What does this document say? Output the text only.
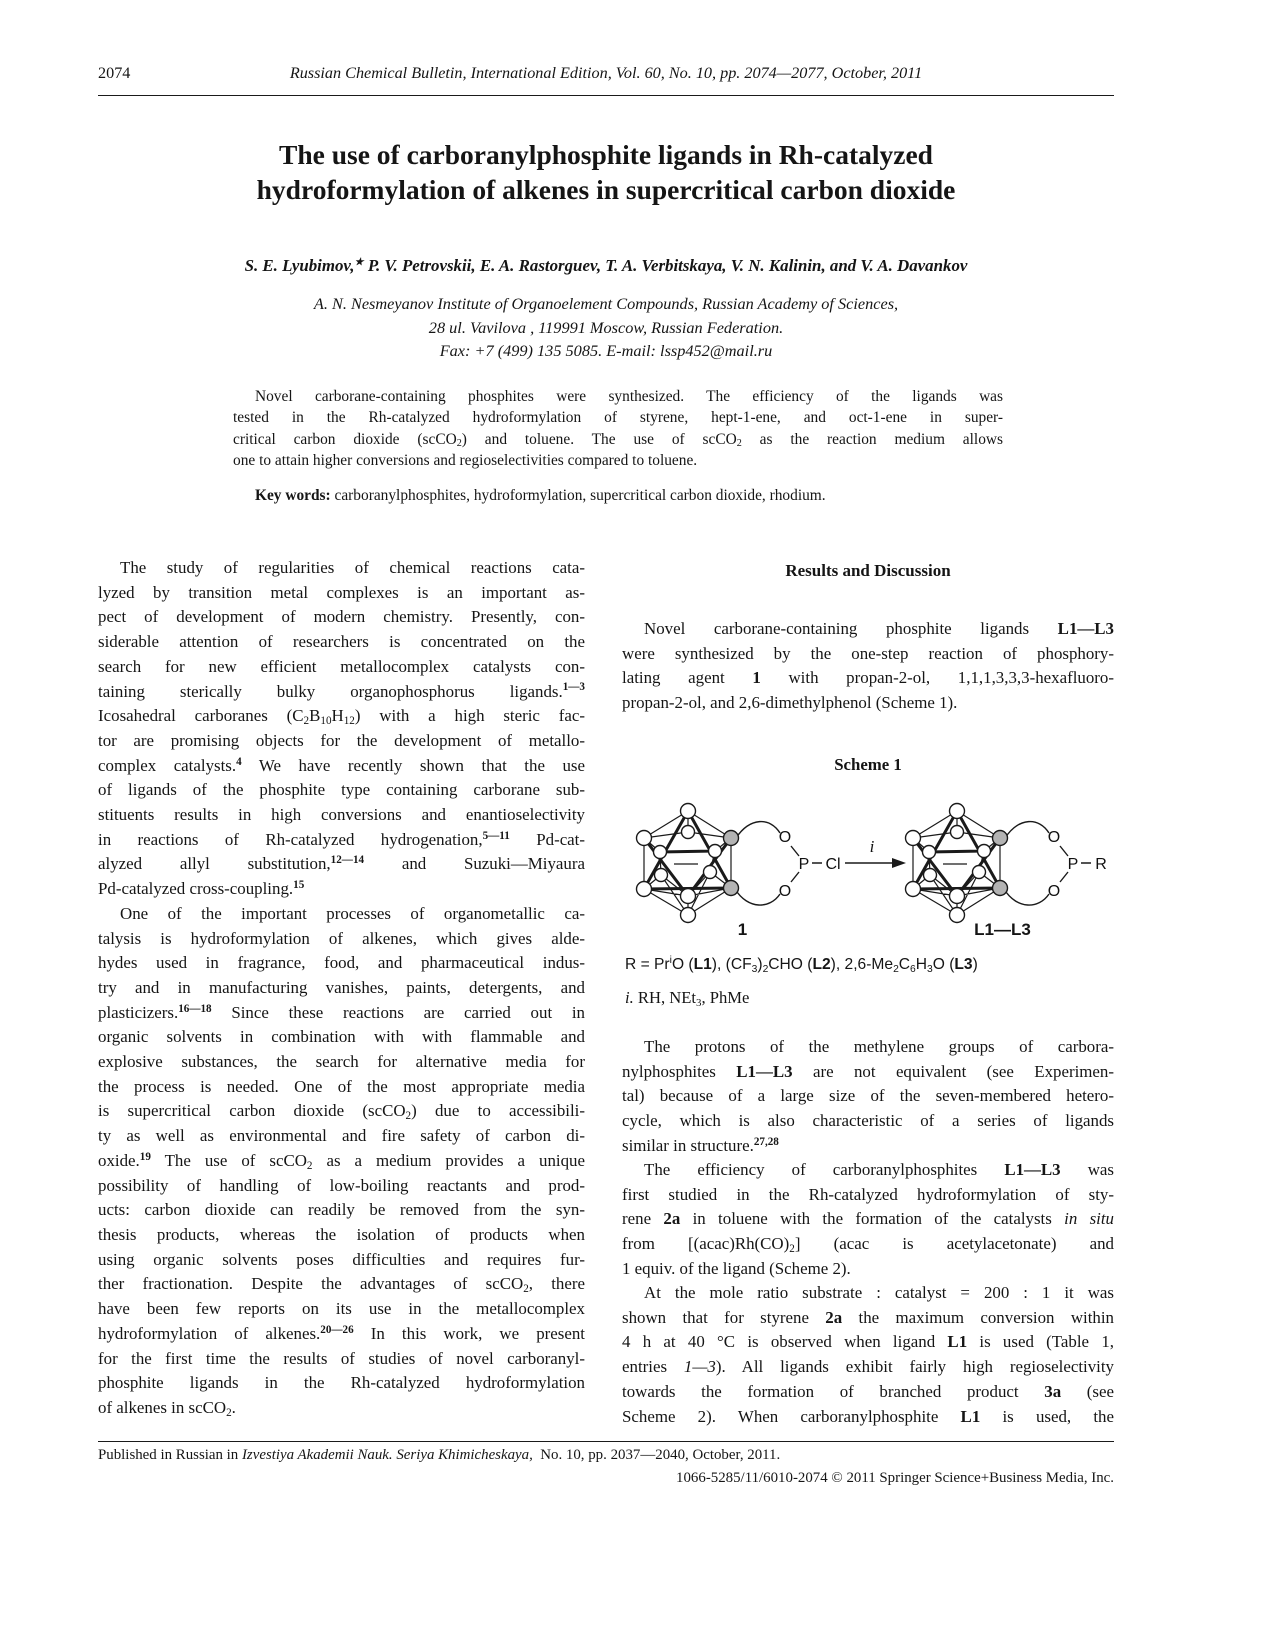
2074	Russian Chemical Bulletin, International Edition, Vol. 60, No. 10, pp. 2074—2077, October, 2011
The use of carboranylphosphite ligands in Rh-catalyzed
hydroformylation of alkenes in supercritical carbon dioxide
S. E. Lyubimov,★ P. V. Petrovskii, E. A. Rastorguev, T. A. Verbitskaya, V. N. Kalinin, and V. A. Davankov
A. N. Nesmeyanov Institute of Organoelement Compounds, Russian Academy of Sciences,
28 ul. Vavilova , 119991 Moscow, Russian Federation.
Fax: +7 (499) 135 5085. E-mail: lssp452@mail.ru
Novel carborane-containing phosphites were synthesized. The efficiency of the ligands was
tested in the Rh-catalyzed hydroformylation of styrene, hept-1-ene, and oct-1-ene in super-
critical carbon dioxide (scCO$_2$) and toluene. The use of scCO$_2$ as the reaction medium allows
one to attain higher conversions and regioselectivities compared to toluene.
Key words: carboranylphosphites, hydroformylation, supercritical carbon dioxide, rhodium.
The study of regularities of chemical reactions cata-
lyzed by transition metal complexes is an important as-
pect of development of modern chemistry. Presently, con-
siderable attention of researchers is concentrated on the
search for new efficient metallocomplex catalysts con-
taining sterically bulky organophosphorus ligands.$^{1—3}$
Icosahedral carboranes $(C_2B_{10}H_{12})$ with a high steric fac-
tor are promising objects for the development of metallo-
complex catalysts.$^4$ We have recently shown that the use
of ligands of the phosphite type containing carborane sub-
stituents results in high conversions and enantioselectivity
in reactions of Rh-catalyzed hydrogenation,$^{5—11}$ Pd-cat-
alyzed allyl substitution,$^{12—14}$ and Suzuki—Miyaura
Pd-catalyzed cross-coupling.$^{15}$
One of the important processes of organometallic ca-
talysis is hydroformylation of alkenes, which gives alde-
hydes used in fragrance, food, and pharmaceutical indus-
try and in manufacturing vanishes, paints, detergents, and
plasticizers.$^{16—18}$ Since these reactions are carried out in
organic solvents in combination with with flammable and
explosive substances, the search for alternative media for
the process is needed. One of the most appropriate media
is supercritical carbon dioxide (scCO$_2$) due to accessibili-
ty as well as environmental and fire safety of carbon di-
oxide.$^{19}$ The use of scCO$_2$ as a medium provides a unique
possibility of handling of low-boiling reactants and prod-
ucts: carbon dioxide can readily be removed from the syn-
thesis products, whereas the isolation of products when
using organic solvents poses difficulties and requires fur-
ther fractionation. Despite the advantages of scCO$_2$, there
have been few reports on its use in the metallocomplex
hydroformylation of alkenes.$^{20—26}$ In this work, we present
for the first time the results of studies of novel carboranyl-
phosphite ligands in the Rh-catalyzed hydroformylation
of alkenes in scCO$_2$.
Results and Discussion
Novel carborane-containing phosphite ligands L1—L3
were synthesized by the one-step reaction of phosphory-
lating agent 1 with propan-2-ol, 1,1,1,3,3,3-hexafluoro-
propan-2-ol, and 2,6-dimethylphenol (Scheme 1).
Scheme 1
O
O
P Cl
i	O
O
P R
1	L1—L3
$R = Pr^iO$ (L1), $(CF_3)_2CHO$ (L2), $2,6-Me_2C_6H_3O$ (L3)
i. RH, NEt$_3$, PhMe
The protons of the methylene groups of carbora-
nylphosphites L1—L3 are not equivalent (see Experimen-
tal) because of a large size of the seven-membered hetero-
cycle, which is also characteristic of a series of ligands
similar in structure.$^{27,28}$
The efficiency of carboranylphosphites L1—L3 was
first studied in the Rh-catalyzed hydroformylation of sty-
rene 2a in toluene with the formation of the catalysts in situ
from $[(acac)Rh(CO)_2]$ (acac is acetylacetonate) and
1 equiv. of the ligand (Scheme 2).
At the mole ratio substrate : catalyst = 200 : 1 it was
shown that for styrene 2a the maximum conversion within
4 h at 40 °C is observed when ligand L1 is used (Table 1,
entries 1—3). All ligands exhibit fairly high regioselectivity
towards the formation of branched product 3a (see
Scheme 2). When carboranylphosphite L1 is used, the
Published in Russian in Izvestiya Akademii Nauk. Seriya Khimicheskaya,  No. 10, pp. 2037—2040, October, 2011.
1066-5285/11/6010-2074 © 2011 Springer Science+Business Media, Inc.
